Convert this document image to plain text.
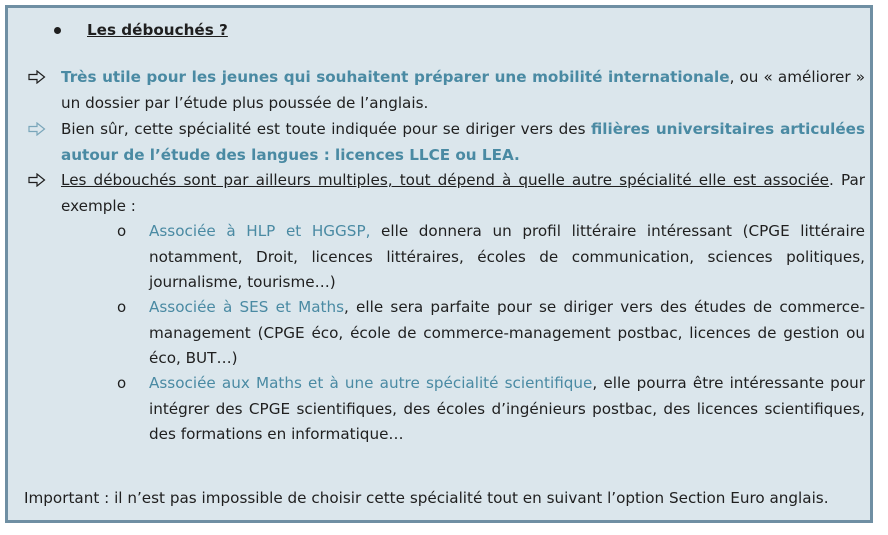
Les débouchés ?
Très utile pour les jeunes qui souhaitent préparer une mobilité internationale, ou « améliorer » un dossier par l’étude plus poussée de l’anglais.
Bien sûr, cette spécialité est toute indiquée pour se diriger vers des filières universitaires articulées autour de l’étude des langues : licences LLCE ou LEA.
Les débouchés sont par ailleurs multiples, tout dépend à quelle autre spécialité elle est associée. Par exemple :
o Associée à HLP et HGGSP, elle donnera un profil littéraire intéressant (CPGE littéraire notamment, Droit, licences littéraires, écoles de communication, sciences politiques, journalisme, tourisme…)
o Associée à SES et Maths, elle sera parfaite pour se diriger vers des études de commerce-management (CPGE éco, école de commerce-management postbac, licences de gestion ou éco, BUT…)
o Associée aux Maths et à une autre spécialité scientifique, elle pourra être intéressante pour intégrer des CPGE scientifiques, des écoles d’ingénieurs postbac, des licences scientifiques, des formations en informatique…
Important : il n’est pas impossible de choisir cette spécialité tout en suivant l’option Section Euro anglais.
